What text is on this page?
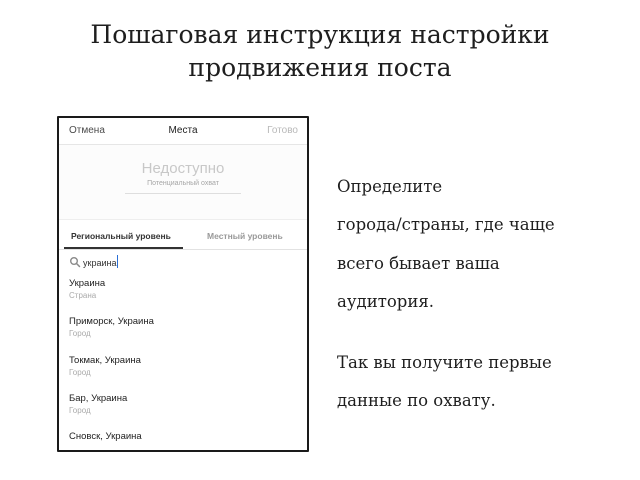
Пошаговая инструкция настройки
продвижения поста
Отмена	Места	Готово
Недоступно
Потенциальный охват
Региональный уровень	Местный уровень
украина
Украина
Страна
Приморск, Украина
Город
Токмак, Украина
Город
Бар, Украина
Город
Сновск, Украина
Определите
города/страны, где чаще
всего бывает ваша
аудитория.
Так вы получите первые
данные по охвату.
